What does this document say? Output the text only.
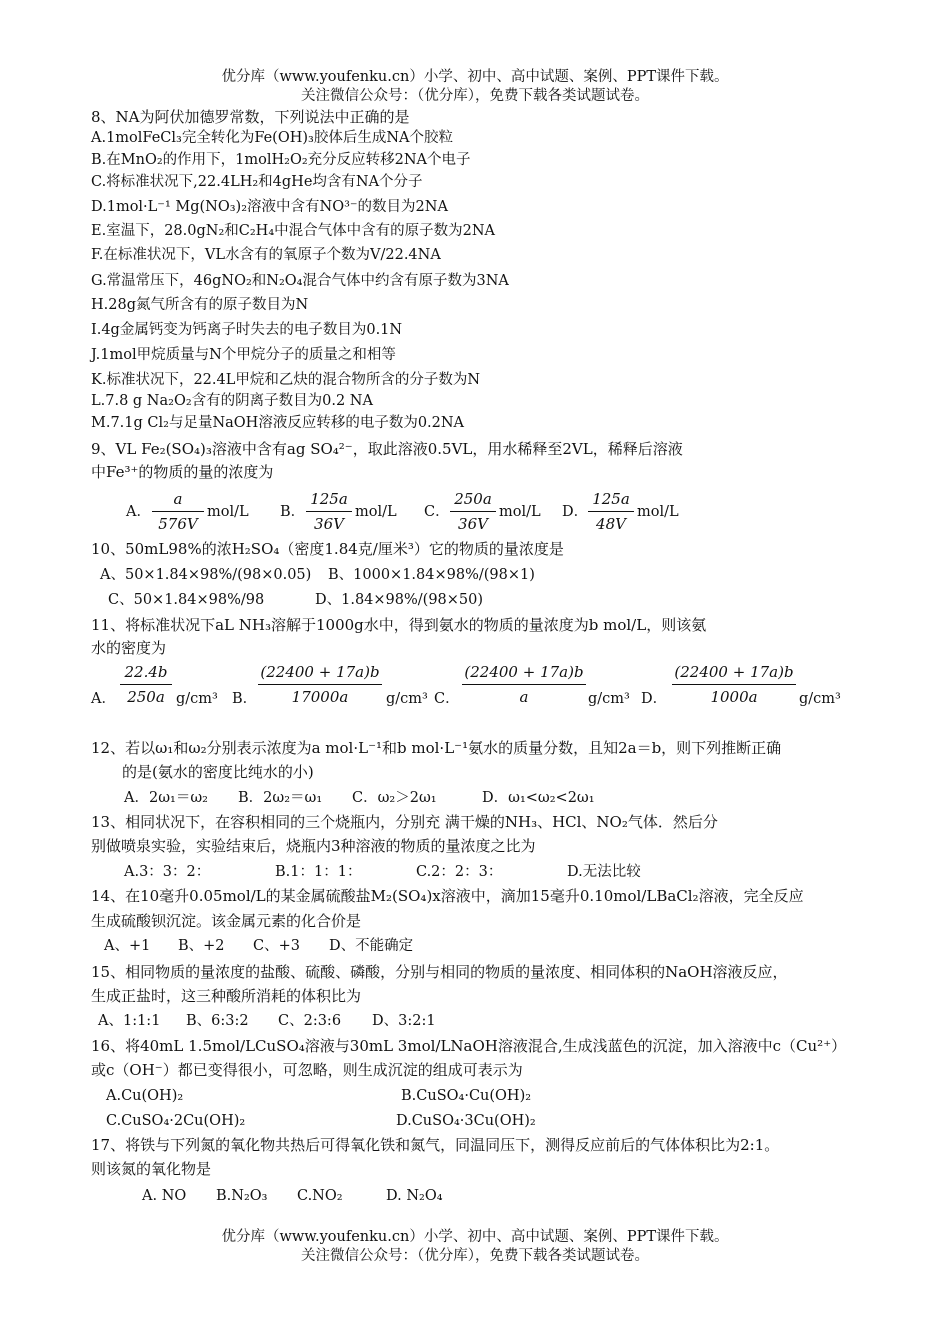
优分库（www.youfenku.cn）小学、初中、高中试题、案例、PPT课件下载。
关注微信公众号：（优分库），免费下载各类试题试卷。
8、NA为阿伏加德罗常数，下列说法中正确的是
A.1molFeCl₃完全转化为Fe(OH)₃胶体后生成NA个胶粒
B.在MnO₂的作用下，1molH₂O₂充分反应转移2NA个电子
C.将标准状况下,22.4LH₂和4gHe均含有NA个分子
D.1mol·L⁻¹ Mg(NO₃)₂溶液中含有NO³⁻的数目为2NA
E.室温下，28.0gN₂和C₂H₄中混合气体中含有的原子数为2NA
F.在标准状况下，VL水含有的氧原子个数为V/22.4NA
G.常温常压下，46gNO₂和N₂O₄混合气体中约含有原子数为3NA
H.28g氮气所含有的原子数目为N
I.4g金属钙变为钙离子时失去的电子数目为0.1N
J.1mol甲烷质量与N个甲烷分子的质量之和相等
K.标准状况下，22.4L甲烷和乙炔的混合物所含的分子数为N
L.7.8 g Na₂O₂含有的阴离子数目为0.2 NA
M.7.1g Cl₂与足量NaOH溶液反应转移的电子数为0.2NA
9、VL Fe₂(SO₄)₃溶液中含有ag SO₄²⁻，取此溶液0.5VL，用水稀释至2VL，稀释后溶液
中Fe³⁺的物质的量的浓度为
A．
a
576V
mol/L B．
125a
36V
mol/L C．
250a
36V
mol/L D．
125a
48V
mol/L
10、50mL98%的浓H₂SO₄（密度1.84克/厘米³）它的物质的量浓度是
A、50×1.84×98%/(98×0.05) B、1000×1.84×98%/(98×1)
C、50×1.84×98%/98	D、1.84×98%/(98×50)
11、将标准状况下aL NH₃溶解于1000g水中，得到氨水的物质的量浓度为b mol/L，则该氨
水的密度为
A．
22.4b
250a g/cm³ B．
(22400 + 17a)b
17000a	g/cm³ C．
(22400 + 17a)b
a	g/cm³ D．
(22400 + 17a)b
1000a	g/cm³
12、若以ω₁和ω₂分别表示浓度为a mol·L⁻¹和b mol·L⁻¹氨水的质量分数，且知2a＝b，则下列推断正确
的是(氨水的密度比纯水的小)
A．2ω₁＝ω₂ B．2ω₂＝ω₁ C．ω₂＞2ω₁	D．ω₁<ω₂<2ω₁
13、相同状况下，在容积相同的三个烧瓶内，分别充 满干燥的NH₃、HCl、NO₂气体．然后分
别做喷泉实验，实验结束后，烧瓶内3种溶液的物质的量浓度之比为
A.3：3：2：	B.1：1：1：	C.2：2：3：	D.无法比较
14、在10毫升0.05mol/L的某金属硫酸盐M₂(SO₄)x溶液中，滴加15毫升0.10mol/LBaCl₂溶液，完全反应
生成硫酸钡沉淀。该金属元素的化合价是
A、+1 B、+2 C、+3 D、不能确定
15、相同物质的量浓度的盐酸、硫酸、磷酸，分别与相同的物质的量浓度、相同体积的NaOH溶液反应，
生成正盐时，这三种酸所消耗的体积比为
A、1:1:1 B、6:3:2 C、2:3:6 D、3:2:1
16、将40mL 1.5mol/LCuSO₄溶液与30mL 3mol/LNaOH溶液混合,生成浅蓝色的沉淀，加入溶液中c（Cu²⁺）
或c（OH⁻）都已变得很小，可忽略，则生成沉淀的组成可表示为
A.Cu(OH)₂	B.CuSO₄·Cu(OH)₂
C.CuSO₄·2Cu(OH)₂	D.CuSO₄·3Cu(OH)₂
17、将铁与下列氮的氧化物共热后可得氧化铁和氮气，同温同压下，测得反应前后的气体体积比为2:1。
则该氮的氧化物是
A. NO B.N₂O₃ C.NO₂	D. N₂O₄
优分库（www.youfenku.cn）小学、初中、高中试题、案例、PPT课件下载。
关注微信公众号：（优分库），免费下载各类试题试卷。
